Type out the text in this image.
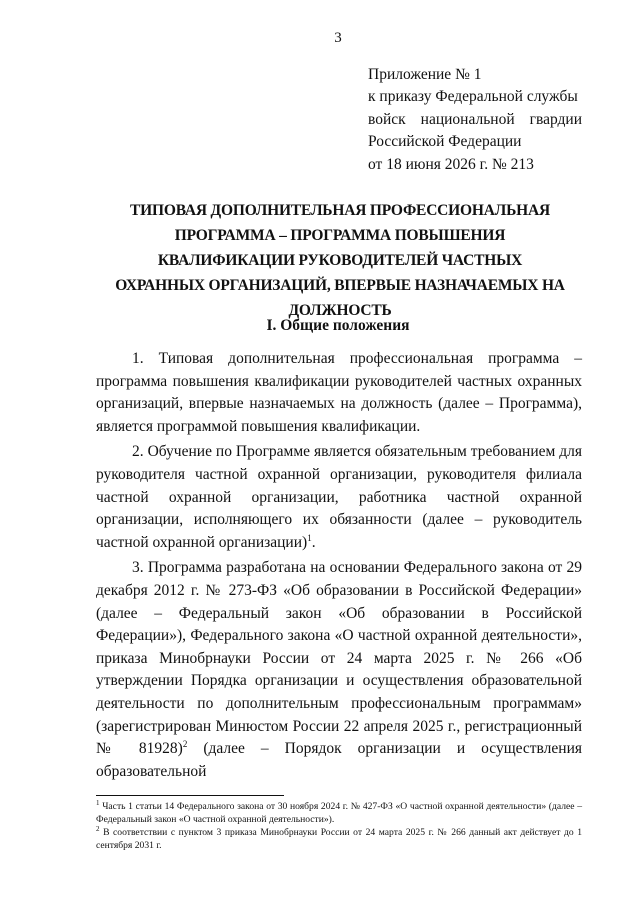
3
Приложение № 1
к приказу Федеральной службы
войск национальной гвардии
Российской Федерации
от 18 июня 2026 г. № 213
ТИПОВАЯ ДОПОЛНИТЕЛЬНАЯ ПРОФЕССИОНАЛЬНАЯ ПРОГРАММА – ПРОГРАММА ПОВЫШЕНИЯ КВАЛИФИКАЦИИ РУКОВОДИТЕЛЕЙ ЧАСТНЫХ ОХРАННЫХ ОРГАНИЗАЦИЙ, ВПЕРВЫЕ НАЗНАЧАЕМЫХ НА ДОЛЖНОСТЬ
I. Общие положения

1. Типовая дополнительная профессиональная программа – программа повышения квалификации руководителей частных охранных организаций, впервые назначаемых на должность (далее – Программа), является программой повышения квалификации.

2. Обучение по Программе является обязательным требованием для руководителя частной охранной организации, руководителя филиала частной охранной организации, работника частной охранной организации, исполняющего их обязанности (далее – руководитель частной охранной организации)$^1$.

3. Программа разработана на основании Федерального закона от 29 декабря 2012 г. № 273-ФЗ «Об образовании в Российской Федерации» (далее – Федеральный закон «Об образовании в Российской Федерации»), Федерального закона «О частной охранной деятельности», приказа Минобрнауки России от 24 марта 2025 г. № 266 «Об утверждении Порядка организации и осуществления образовательной деятельности по дополнительным профессиональным программам» (зарегистрирован Минюстом России 22 апреля 2025 г., регистрационный № 81928)$^2$ (далее – Порядок организации и осуществления образовательной

$^1$ Часть 1 статьи 14 Федерального закона от 30 ноября 2024 г. № 427-ФЗ «О частной охранной деятельности» (далее – Федеральный закон «О частной охранной деятельности»).

$^2$ В соответствии с пунктом 3 приказа Минобрнауки России от 24 марта 2025 г. № 266 данный акт действует до 1 сентября 2031 г.
